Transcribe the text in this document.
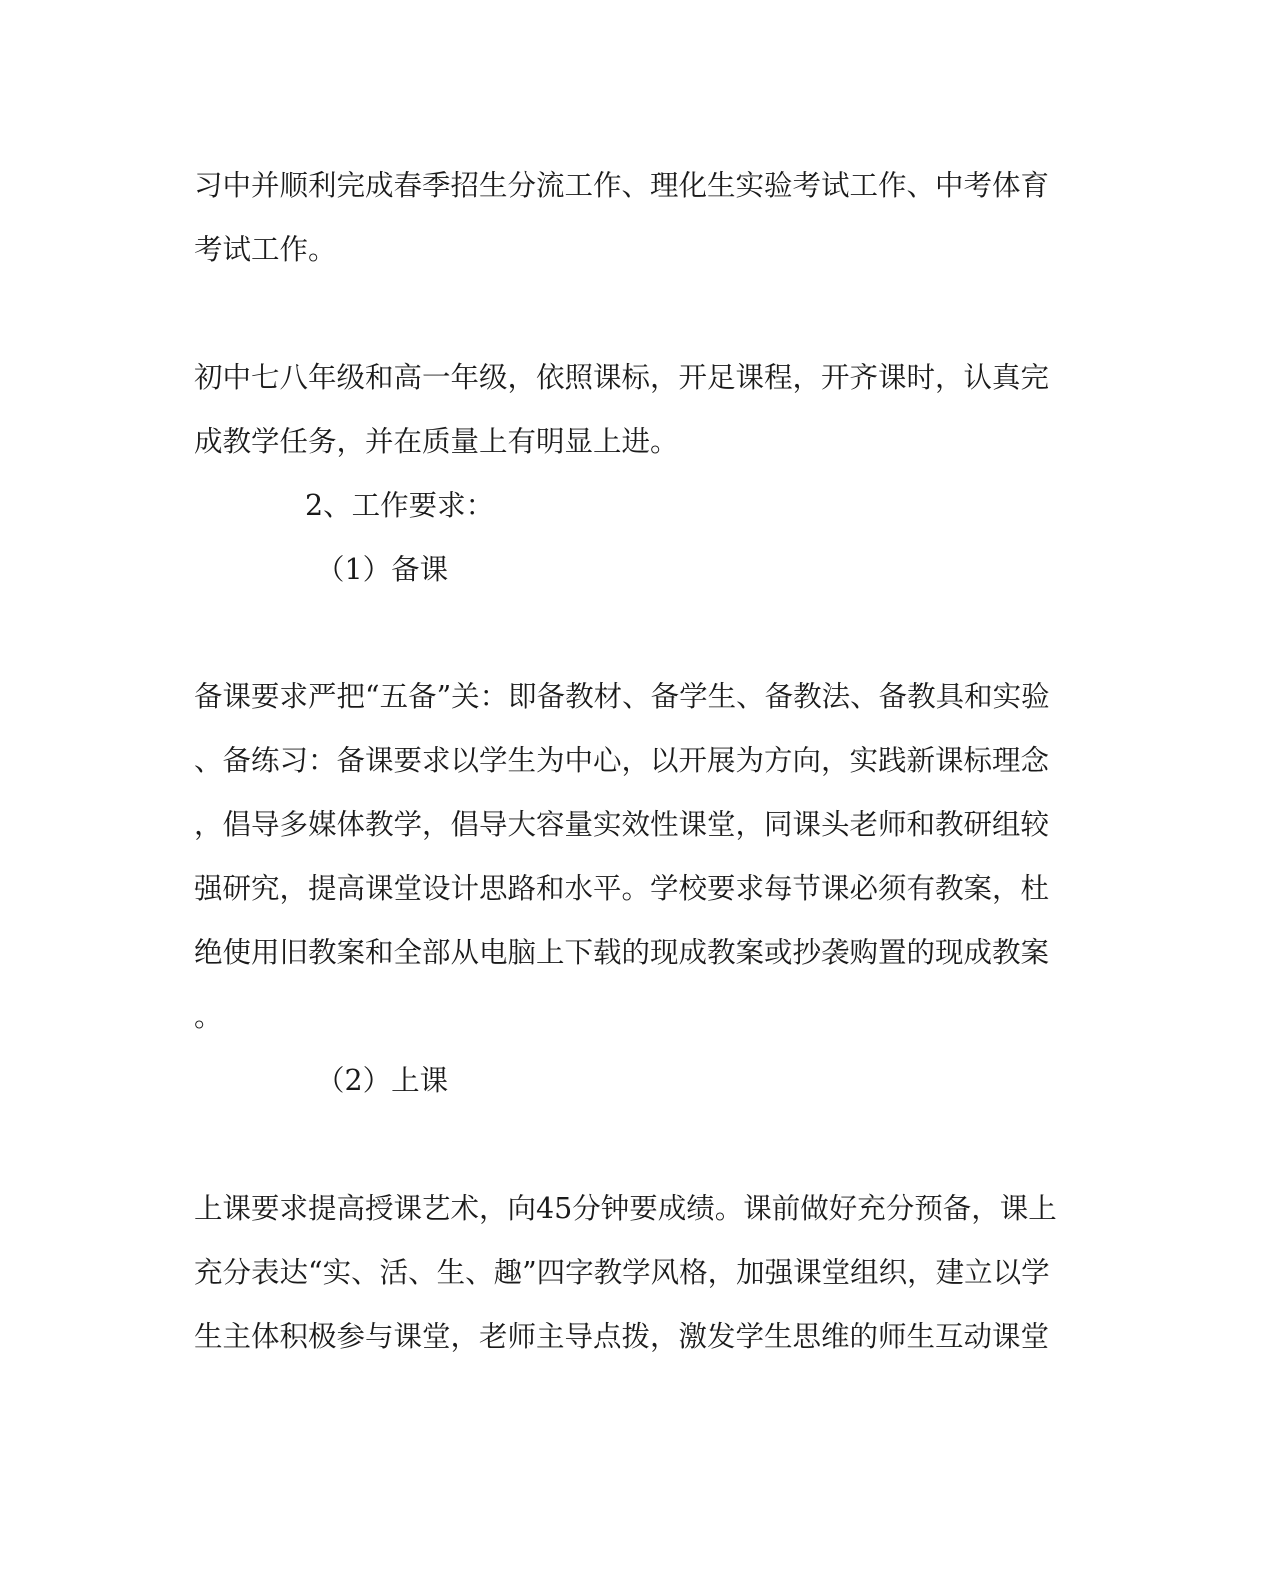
习中并顺利完成春季招生分流工作、理化生实验考试工作、中考体育
考试工作。
初中七八年级和高一年级，依照课标，开足课程，开齐课时，认真完
成教学任务，并在质量上有明显上进。
2、工作要求：
（1）备课
备课要求严把“五备”关：即备教材、备学生、备教法、备教具和实验
、备练习：备课要求以学生为中心，以开展为方向，实践新课标理念
，倡导多媒体教学，倡导大容量实效性课堂，同课头老师和教研组较
强研究，提高课堂设计思路和水平。学校要求每节课必须有教案，杜
绝使用旧教案和全部从电脑上下载的现成教案或抄袭购置的现成教案
。
（2）上课
上课要求提高授课艺术，向45分钟要成绩。课前做好充分预备，课上
充分表达“实、活、生、趣”四字教学风格，加强课堂组织，建立以学
生主体积极参与课堂，老师主导点拨，激发学生思维的师生互动课堂
